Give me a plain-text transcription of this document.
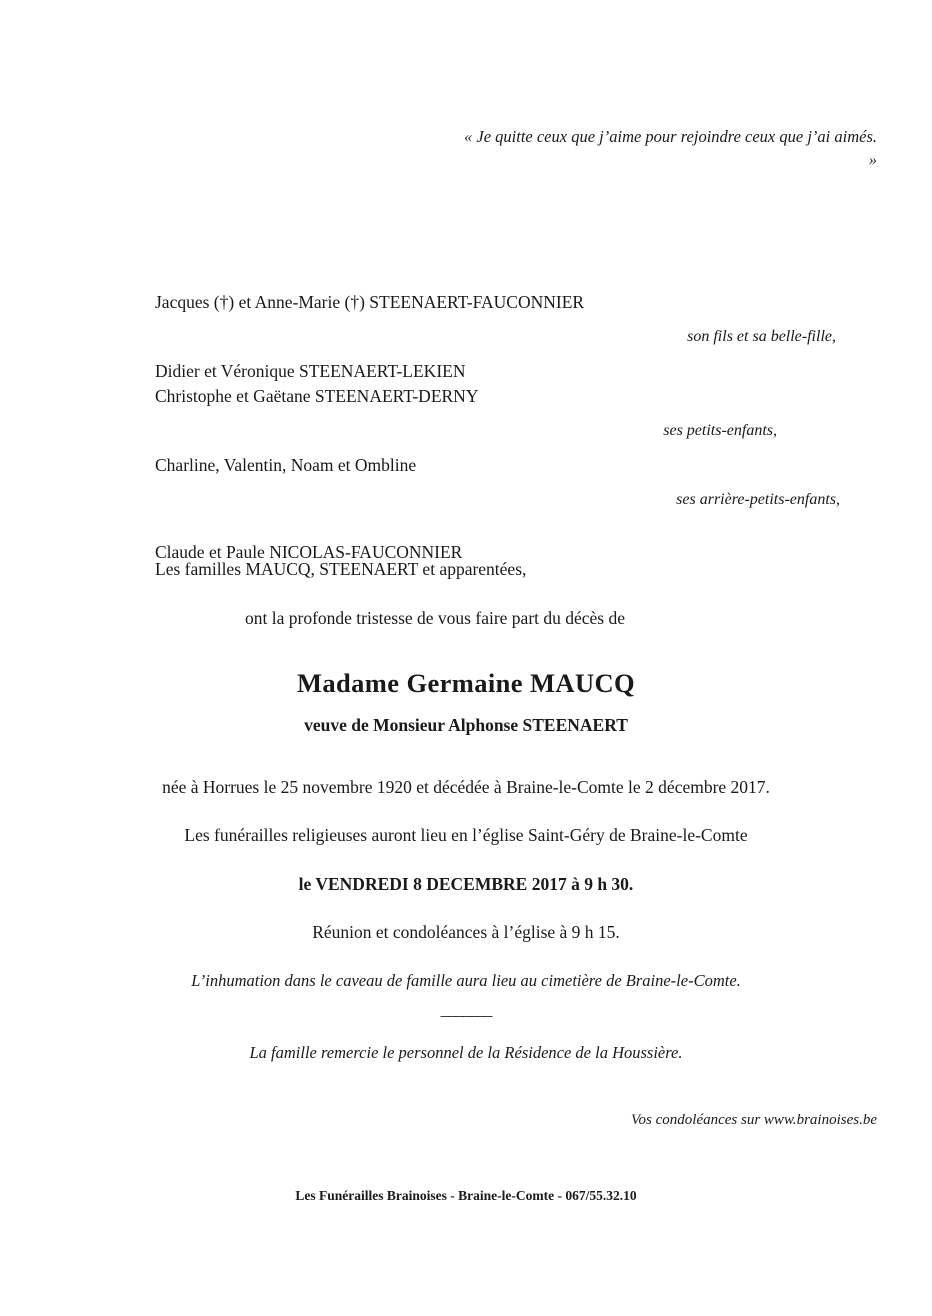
« Je quitte ceux que j’aime pour rejoindre ceux que j’ai aimés. »
Jacques (†) et Anne-Marie (†) STEENAERT-FAUCONNIER
son fils et sa belle-fille,
Didier et Véronique STEENAERT-LEKIEN
Christophe et Gaëtane STEENAERT-DERNY
ses petits-enfants,
Charline, Valentin, Noam et Ombline
ses arrière-petits-enfants,
Claude et Paule NICOLAS-FAUCONNIER
Les familles MAUCQ, STEENAERT et apparentées,
ont la profonde tristesse de vous faire part du décès de
Madame Germaine MAUCQ
veuve de Monsieur Alphonse STEENAERT
née à Horrues le 25 novembre 1920 et décédée à Braine-le-Comte le 2 décembre 2017.
Les funérailles religieuses auront lieu en l’église Saint-Géry de Braine-le-Comte
le VENDREDI 8 DECEMBRE 2017 à 9 h 30.
Réunion et condoléances à l’église à 9 h 15.
L’inhumation dans le caveau de famille aura lieu au cimetière de Braine-le-Comte.
_______
La famille remercie le personnel de la Résidence de la Houssière.
Vos condoléances sur www.brainoises.be
Les Funérailles Brainoises - Braine-le-Comte - 067/55.32.10
